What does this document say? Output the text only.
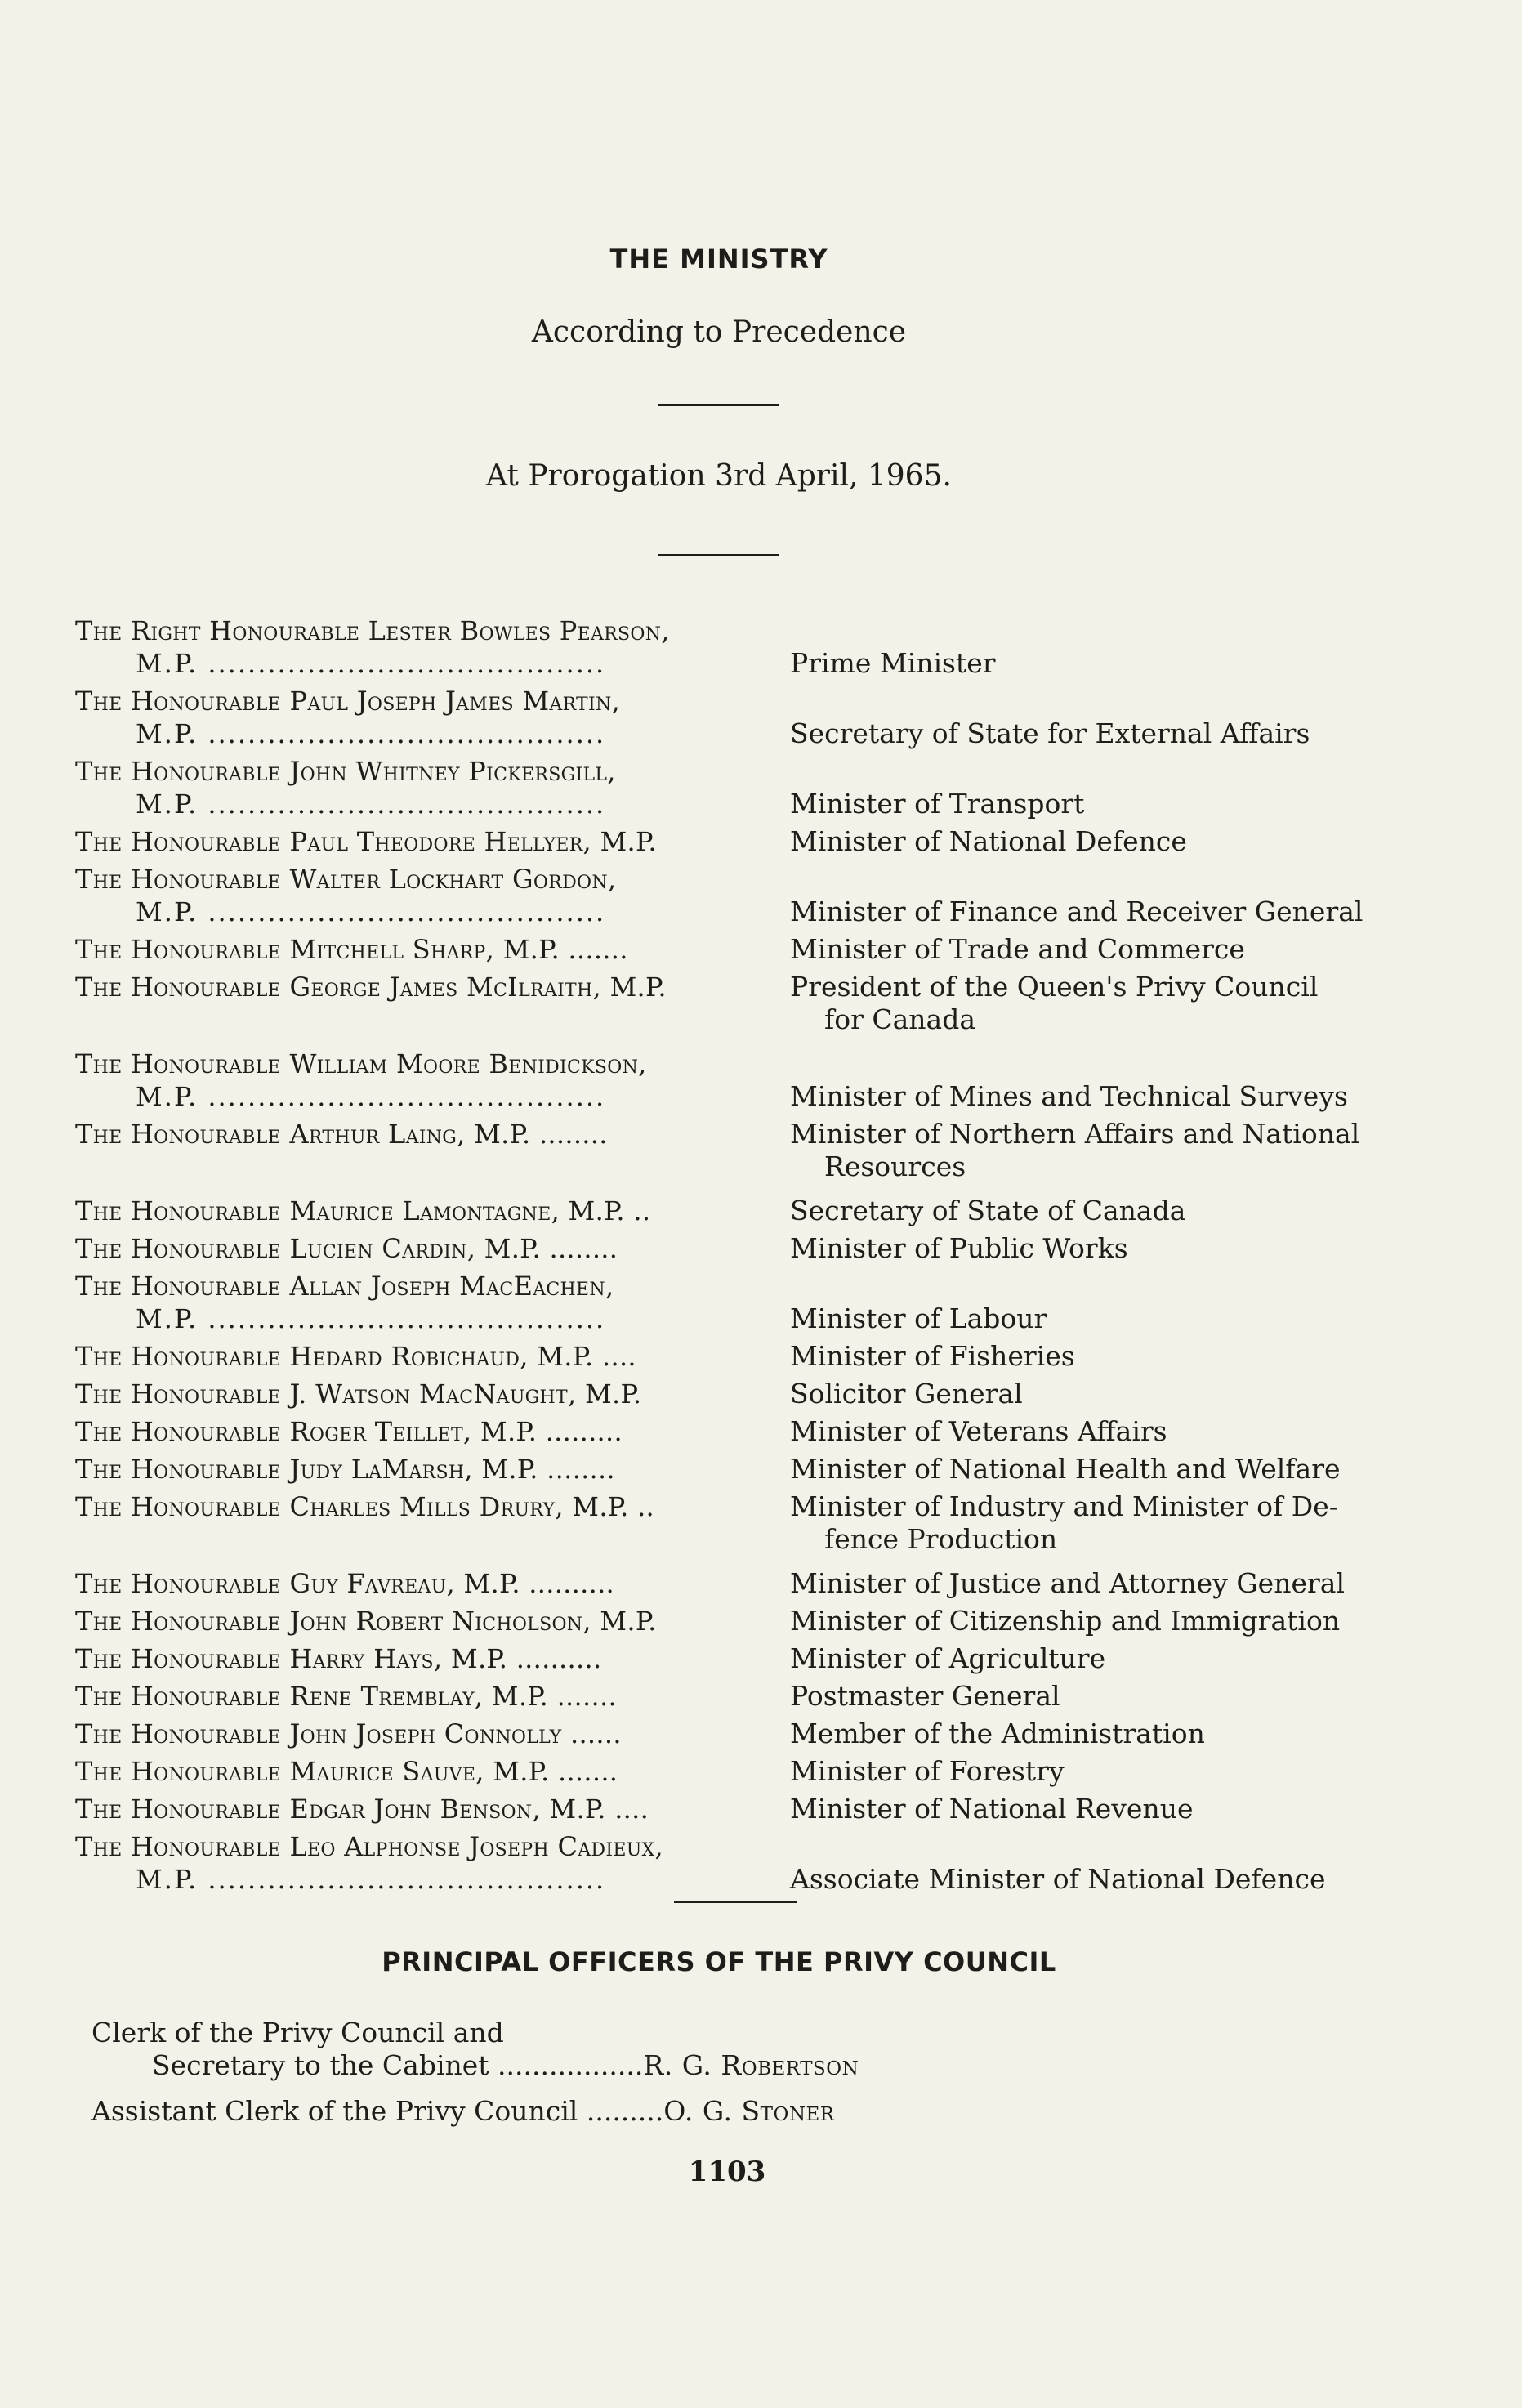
THE MINISTRY
According to Precedence
At Prorogation 3rd April, 1965.
The Right Honourable Lester Bowles Pearson,
M.P. ........................................	Prime Minister
The Honourable Paul Joseph James Martin,
M.P. ........................................	Secretary of State for External Affairs
The Honourable John Whitney Pickersgill,
M.P. ........................................	Minister of Transport
The Honourable Paul Theodore Hellyer, M.P.	Minister of National Defence
The Honourable Walter Lockhart Gordon,
M.P. ........................................	Minister of Finance and Receiver General
The Honourable Mitchell Sharp, M.P. .......	Minister of Trade and Commerce
The Honourable George James McIlraith, M.P.	President of the Queen's Privy Council
for Canada
The Honourable William Moore Benidickson,
M.P. ........................................	Minister of Mines and Technical Surveys
The Honourable Arthur Laing, M.P. ........	Minister of Northern Affairs and National
Resources
The Honourable Maurice Lamontagne, M.P. ..	Secretary of State of Canada
The Honourable Lucien Cardin, M.P. ........	Minister of Public Works
The Honourable Allan Joseph MacEachen,
M.P. ........................................	Minister of Labour
The Honourable Hedard Robichaud, M.P. ....	Minister of Fisheries
The Honourable J. Watson MacNaught, M.P.	Solicitor General
The Honourable Roger Teillet, M.P. .........	Minister of Veterans Affairs
The Honourable Judy LaMarsh, M.P. ........	Minister of National Health and Welfare
The Honourable Charles Mills Drury, M.P. ..	Minister of Industry and Minister of De-
fence Production
The Honourable Guy Favreau, M.P. ..........	Minister of Justice and Attorney General
The Honourable John Robert Nicholson, M.P.	Minister of Citizenship and Immigration
The Honourable Harry Hays, M.P. ..........	Minister of Agriculture
The Honourable Rene Tremblay, M.P. .......	Postmaster General
The Honourable John Joseph Connolly ......	Member of the Administration
The Honourable Maurice Sauve, M.P. .......	Minister of Forestry
The Honourable Edgar John Benson, M.P. ....	Minister of National Revenue
The Honourable Leo Alphonse Joseph Cadieux,
M.P. ........................................	Associate Minister of National Defence
PRINCIPAL OFFICERS OF THE PRIVY COUNCIL
Clerk of the Privy Council and
Secretary to the Cabinet .................R. G. Robertson
Assistant Clerk of the Privy Council .........O. G. Stoner
1103
